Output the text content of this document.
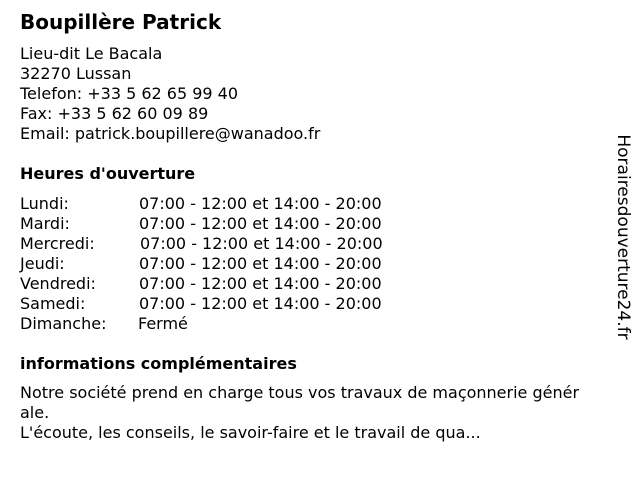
Boupillère Patrick
Lieu-dit Le Bacala
32270 Lussan
Telefon: +33 5 62 65 99 40
Fax: +33 5 62 60 09 89
Email: patrick.boupillere@wanadoo.fr
Heures d'ouverture
Lundi:	07:00 - 12:00 et 14:00 - 20:00
Mardi:	07:00 - 12:00 et 14:00 - 20:00
Mercredi:	07:00 - 12:00 et 14:00 - 20:00
Jeudi:	07:00 - 12:00 et 14:00 - 20:00
Vendredi:	07:00 - 12:00 et 14:00 - 20:00
Samedi:	07:00 - 12:00 et 14:00 - 20:00
Dimanche: Fermé
informations complémentaires
Notre société prend en charge tous vos travaux de maçonnerie génér
ale.
L'écoute, les conseils, le savoir-faire et le travail de qua...
Horairesdouverture24.fr
